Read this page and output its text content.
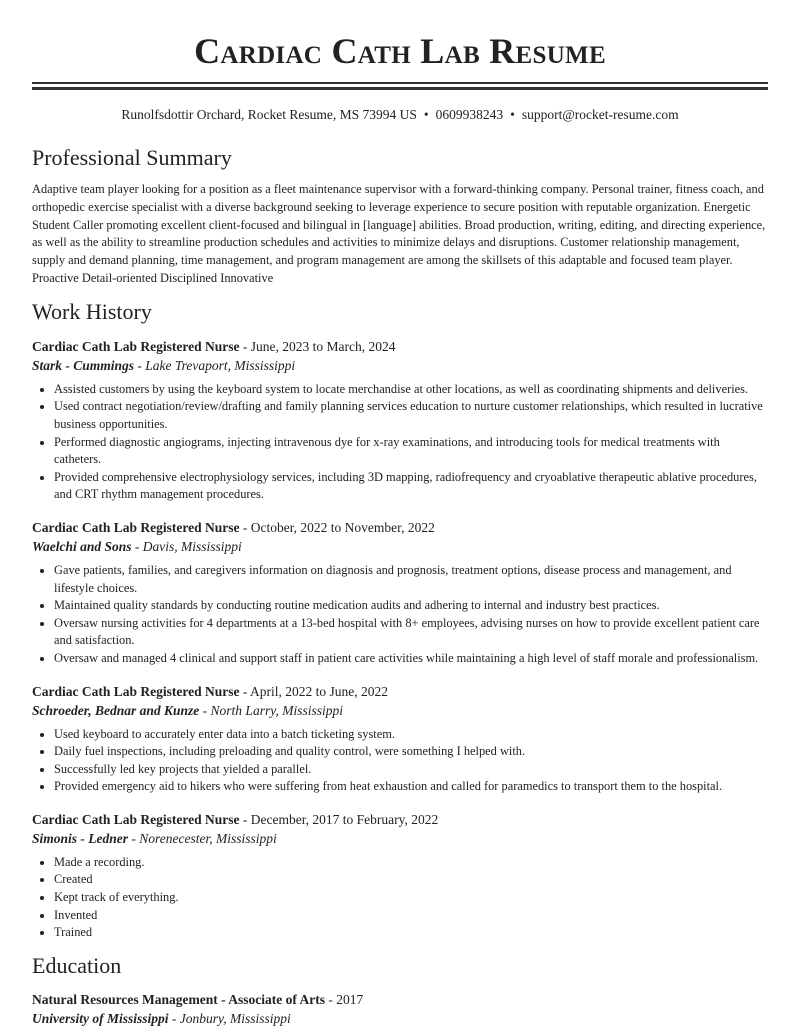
Cardiac Cath Lab Resume
Runolfsdottir Orchard, Rocket Resume, MS 73994 US • 0609938243 • support@rocket-resume.com
Professional Summary
Adaptive team player looking for a position as a fleet maintenance supervisor with a forward-thinking company. Personal trainer, fitness coach, and orthopedic exercise specialist with a diverse background seeking to leverage experience to secure position with reputable organization. Energetic Student Caller promoting excellent client-focused and bilingual in [language] abilities. Broad production, writing, editing, and directing experience, as well as the ability to streamline production schedules and activities to minimize delays and disruptions. Customer relationship management, supply and demand planning, time management, and program management are among the skillsets of this adaptable and focused team player. Proactive Detail-oriented Disciplined Innovative
Work History
Cardiac Cath Lab Registered Nurse - June, 2023 to March, 2024
Stark - Cummings - Lake Trevaport, Mississippi
• Assisted customers by using the keyboard system to locate merchandise at other locations, as well as coordinating shipments and deliveries.
• Used contract negotiation/review/drafting and family planning services education to nurture customer relationships, which resulted in lucrative business opportunities.
• Performed diagnostic angiograms, injecting intravenous dye for x-ray examinations, and introducing tools for medical treatments with catheters.
• Provided comprehensive electrophysiology services, including 3D mapping, radiofrequency and cryoablative therapeutic ablative procedures, and CRT rhythm management procedures.
Cardiac Cath Lab Registered Nurse - October, 2022 to November, 2022
Waelchi and Sons - Davis, Mississippi
• Gave patients, families, and caregivers information on diagnosis and prognosis, treatment options, disease process and management, and lifestyle choices.
• Maintained quality standards by conducting routine medication audits and adhering to internal and industry best practices.
• Oversaw nursing activities for 4 departments at a 13-bed hospital with 8+ employees, advising nurses on how to provide excellent patient care and satisfaction.
• Oversaw and managed 4 clinical and support staff in patient care activities while maintaining a high level of staff morale and professionalism.
Cardiac Cath Lab Registered Nurse - April, 2022 to June, 2022
Schroeder, Bednar and Kunze - North Larry, Mississippi
• Used keyboard to accurately enter data into a batch ticketing system.
• Daily fuel inspections, including preloading and quality control, were something I helped with.
• Successfully led key projects that yielded a parallel.
• Provided emergency aid to hikers who were suffering from heat exhaustion and called for paramedics to transport them to the hospital.
Cardiac Cath Lab Registered Nurse - December, 2017 to February, 2022
Simonis - Ledner - Norenecester, Mississippi
• Made a recording.
• Created
• Kept track of everything.
• Invented
• Trained
Education
Natural Resources Management - Associate of Arts - 2017
University of Mississippi - Jonbury, Mississippi
